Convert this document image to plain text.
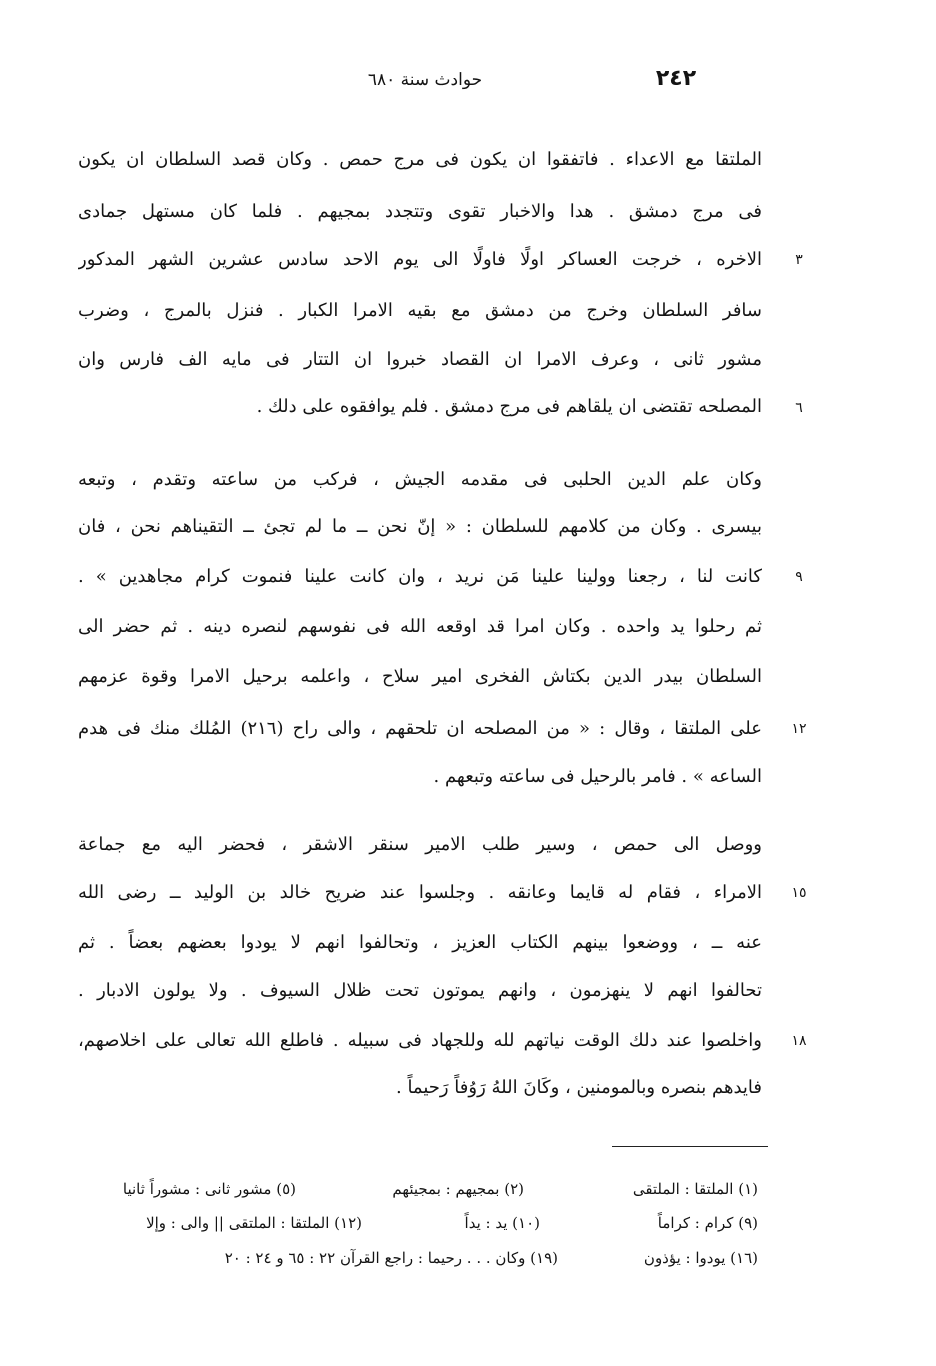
٢٤٢
حوادث سنة ٦٨٠
الملتقا مع الاعداء . فاتفقوا ان يكون فى مرج حمص . وكان قصد السلطان ان يكون
فى مرج دمشق . هدا والاخبار تقوى وتتجدد بمجيهم . فلما كان مستهل جمادى
الاخره ، خرجت العساكر اولًا فاولًا الى يوم الاحد سادس عشرين الشهر المدكور
سافر السلطان وخرج من دمشق مع بقيه الامرا الكبار . فنزل بالمرج ، وضرب
مشور ثانى ، وعرف الامرا ان القصاد خبروا ان التتار فى مايه الف فارس وان
المصلحه تقتضى ان يلقاهم فى مرج دمشق . فلم يوافقوه على دلك .
وكان علم الدين الحلبى فى مقدمه الجيش ، فركب من ساعته وتقدم ، وتبعه
بيسرى . وكان من كلامهم للسلطان : « إنّ نحن ــ ما لم تجئ ــ التقيناهم نحن ، فان
كانت لنا ، رجعنا وولينا علينا مَن نريد ، وان كانت علينا فنموت كرام مجاهدين » .
ثم رحلوا يد واحده . وكان امرا قد اوقعه الله فى نفوسهم لنصره دينه . ثم حضر الى
السلطان بيدر الدين بكتاش الفخرى امير سلاح ، واعلمه برحيل الامرا وقوة عزمهم
على الملتقا ، وقال : « من المصلحه ان تلحقهم ، والى راح (٢١٦) المُلك منك فى هدم
الساعه » . فامر بالرحيل فى ساعته وتبعهم .
ووصل الى حمص ، وسير طلب الامير سنقر الاشقر ، فحضر اليه مع جماعة
الامراء ، فقام له قايما وعانقه . وجلسوا عند ضريح خالد بن الوليد ــ رضى الله
عنه ــ ، ووضعوا بينهم الكتاب العزيز ، وتحالفوا انهم لا يودوا بعضهم بعضاً . ثم
تحالفوا انهم لا ينهزمون ، وانهم يموتون تحت ظلال السيوف . ولا يولون الادبار .
واخلصوا عند دلك الوقت نياتهم لله وللجهاد فى سبيله . فاطلع الله تعالى على اخلاصهم،
فايدهم بنصره وبالمومنين ، وكَانَ اللهُ رَوُفاً رَحيماً .
٣
٦
٩
١٢
١٥
١٨
(١) الملتقا : الملتقى
(٢) بمجيهم : بمجيئهم
(٥) مشور ثانى : مشوراً ثانيا
(٩) كرام : كراماً
(١٠) يد : يداً
(١٢) الملتقا : الملتقى || والى : وإلا
(١٦) يودوا : يؤذون
(١٩) وكان . . . رحيما : راجع القرآن ٢٢ : ٦٥ و ٢٤ : ٢٠
